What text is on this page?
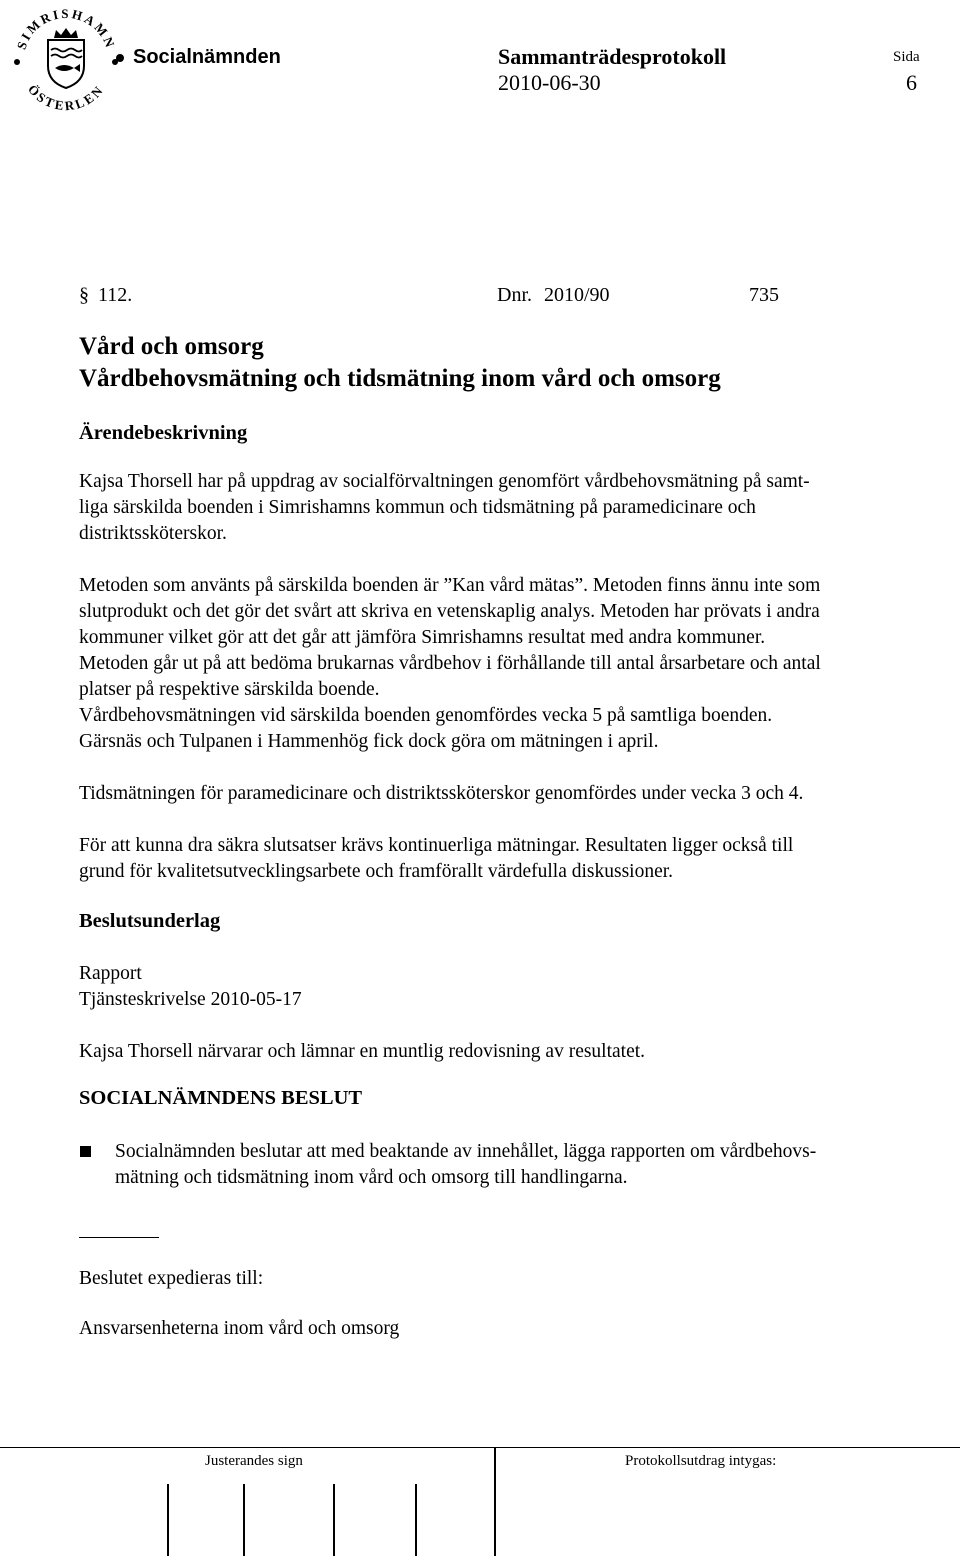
SIMRISHAMN
ÖSTERLEN
Socialnämnden	Sammanträdesprotokoll
2010-06-30
Sida
6
§ 112.	Dnr. 2010/90	735
Vård och omsorg
Vårdbehovsmätning och tidsmätning inom vård och omsorg
Ärendebeskrivning
Kajsa Thorsell har på uppdrag av socialförvaltningen genomfört vårdbehovsmätning på samt-
liga särskilda boenden i Simrishamns kommun och tidsmätning på paramedicinare och
distriktssköterskor.
Metoden som använts på särskilda boenden är ”Kan vård mätas”. Metoden finns ännu inte som
slutprodukt och det gör det svårt att skriva en vetenskaplig analys. Metoden har prövats i andra
kommuner vilket gör att det går att jämföra Simrishamns resultat med andra kommuner.
Metoden går ut på att bedöma brukarnas vårdbehov i förhållande till antal årsarbetare och antal
platser på respektive särskilda boende.
Vårdbehovsmätningen vid särskilda boenden genomfördes vecka 5 på samtliga boenden.
Gärsnäs och Tulpanen i Hammenhög fick dock göra om mätningen i april.
Tidsmätningen för paramedicinare och distriktssköterskor genomfördes under vecka 3 och 4.
För att kunna dra säkra slutsatser krävs kontinuerliga mätningar. Resultaten ligger också till
grund för kvalitetsutvecklingsarbete och framförallt värdefulla diskussioner.
Beslutsunderlag
Rapport
Tjänsteskrivelse 2010-05-17
Kajsa Thorsell närvarar och lämnar en muntlig redovisning av resultatet.
SOCIALNÄMNDENS BESLUT
Socialnämnden beslutar att med beaktande av innehållet, lägga rapporten om vårdbehovs-
mätning och tidsmätning inom vård och omsorg till handlingarna.
Beslutet expedieras till:
Ansvarsenheterna inom vård och omsorg
Justerandes sign	Protokollsutdrag intygas:
